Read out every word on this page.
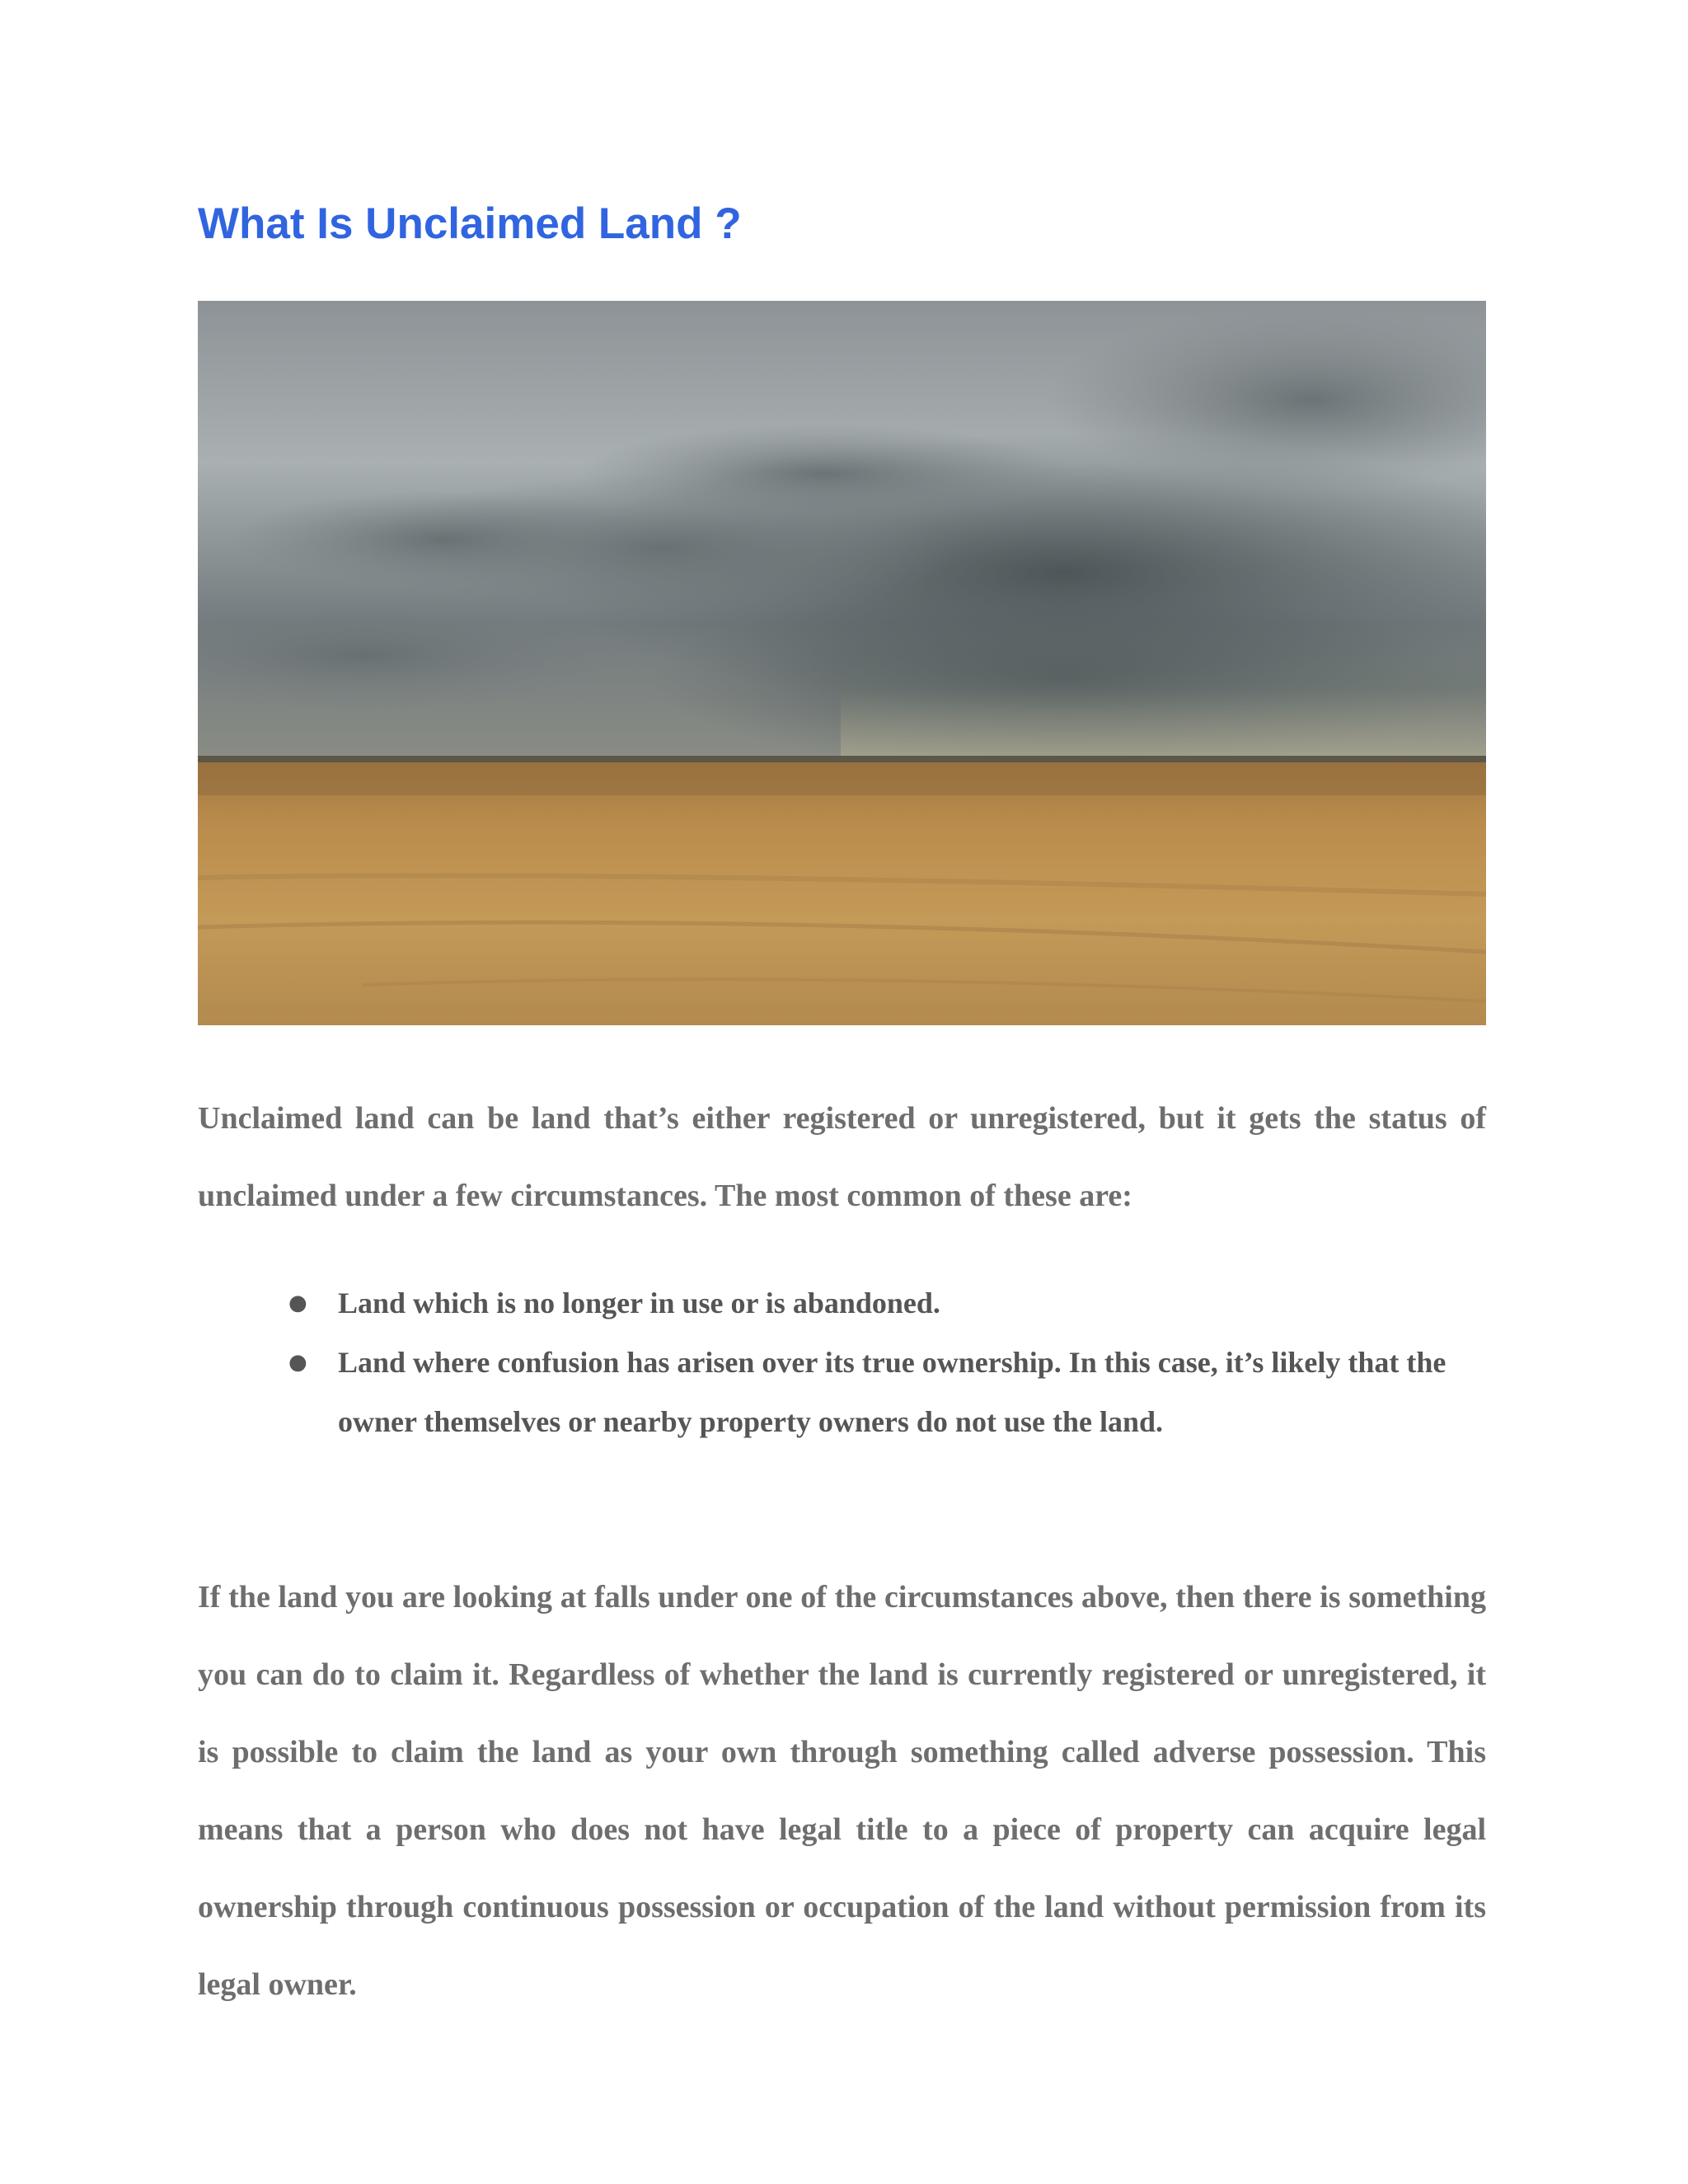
What Is Unclaimed Land ?

Unclaimed land can be land that’s either registered or unregistered, but it gets the status of unclaimed under a few circumstances. The most common of these are:

● Land which is no longer in use or is abandoned.
● Land where confusion has arisen over its true ownership. In this case, it’s likely that the owner themselves or nearby property owners do not use the land.

If the land you are looking at falls under one of the circumstances above, then there is something you can do to claim it. Regardless of whether the land is currently registered or unregistered, it is possible to claim the land as your own through something called adverse possession. This means that a person who does not have legal title to a piece of property can acquire legal ownership through continuous possession or occupation of the land without permission from its legal owner.
